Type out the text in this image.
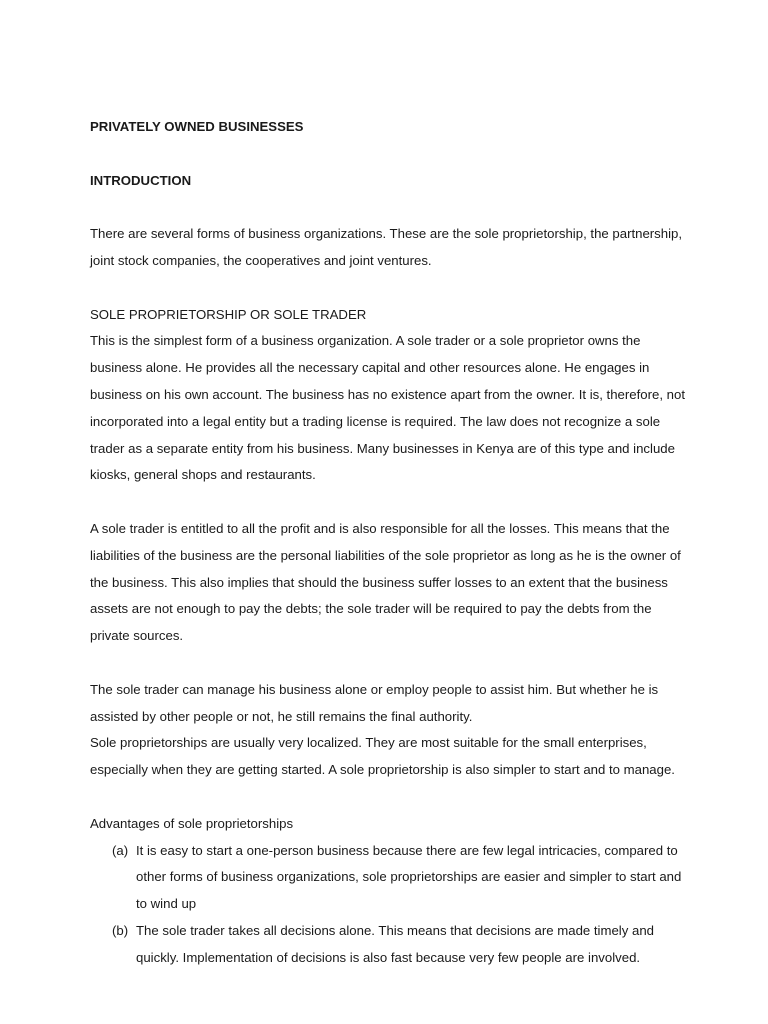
PRIVATELY OWNED BUSINESSES

INTRODUCTION

There are several forms of business organizations. These are the sole proprietorship, the partnership, joint stock companies, the cooperatives and joint ventures.

SOLE PROPRIETORSHIP OR SOLE TRADER

This is the simplest form of a business organization. A sole trader or a sole proprietor owns the business alone. He provides all the necessary capital and other resources alone. He engages in business on his own account. The business has no existence apart from the owner. It is, therefore, not incorporated into a legal entity but a trading license is required. The law does not recognize a sole trader as a separate entity from his business. Many businesses in Kenya are of this type and include kiosks, general shops and restaurants.

A sole trader is entitled to all the profit and is also responsible for all the losses. This means that the liabilities of the business are the personal liabilities of the sole proprietor as long as he is the owner of the business. This also implies that should the business suffer losses to an extent that the business assets are not enough to pay the debts; the sole trader will be required to pay the debts from the private sources.

The sole trader can manage his business alone or employ people to assist him. But whether he is assisted by other people or not, he still remains the final authority.

Sole proprietorships are usually very localized. They are most suitable for the small enterprises, especially when they are getting started. A sole proprietorship is also simpler to start and to manage.

Advantages of sole proprietorships

(a) It is easy to start a one-person business because there are few legal intricacies, compared to other forms of business organizations, sole proprietorships are easier and simpler to start and to wind up
(b) The sole trader takes all decisions alone. This means that decisions are made timely and quickly. Implementation of decisions is also fast because very few people are involved.
